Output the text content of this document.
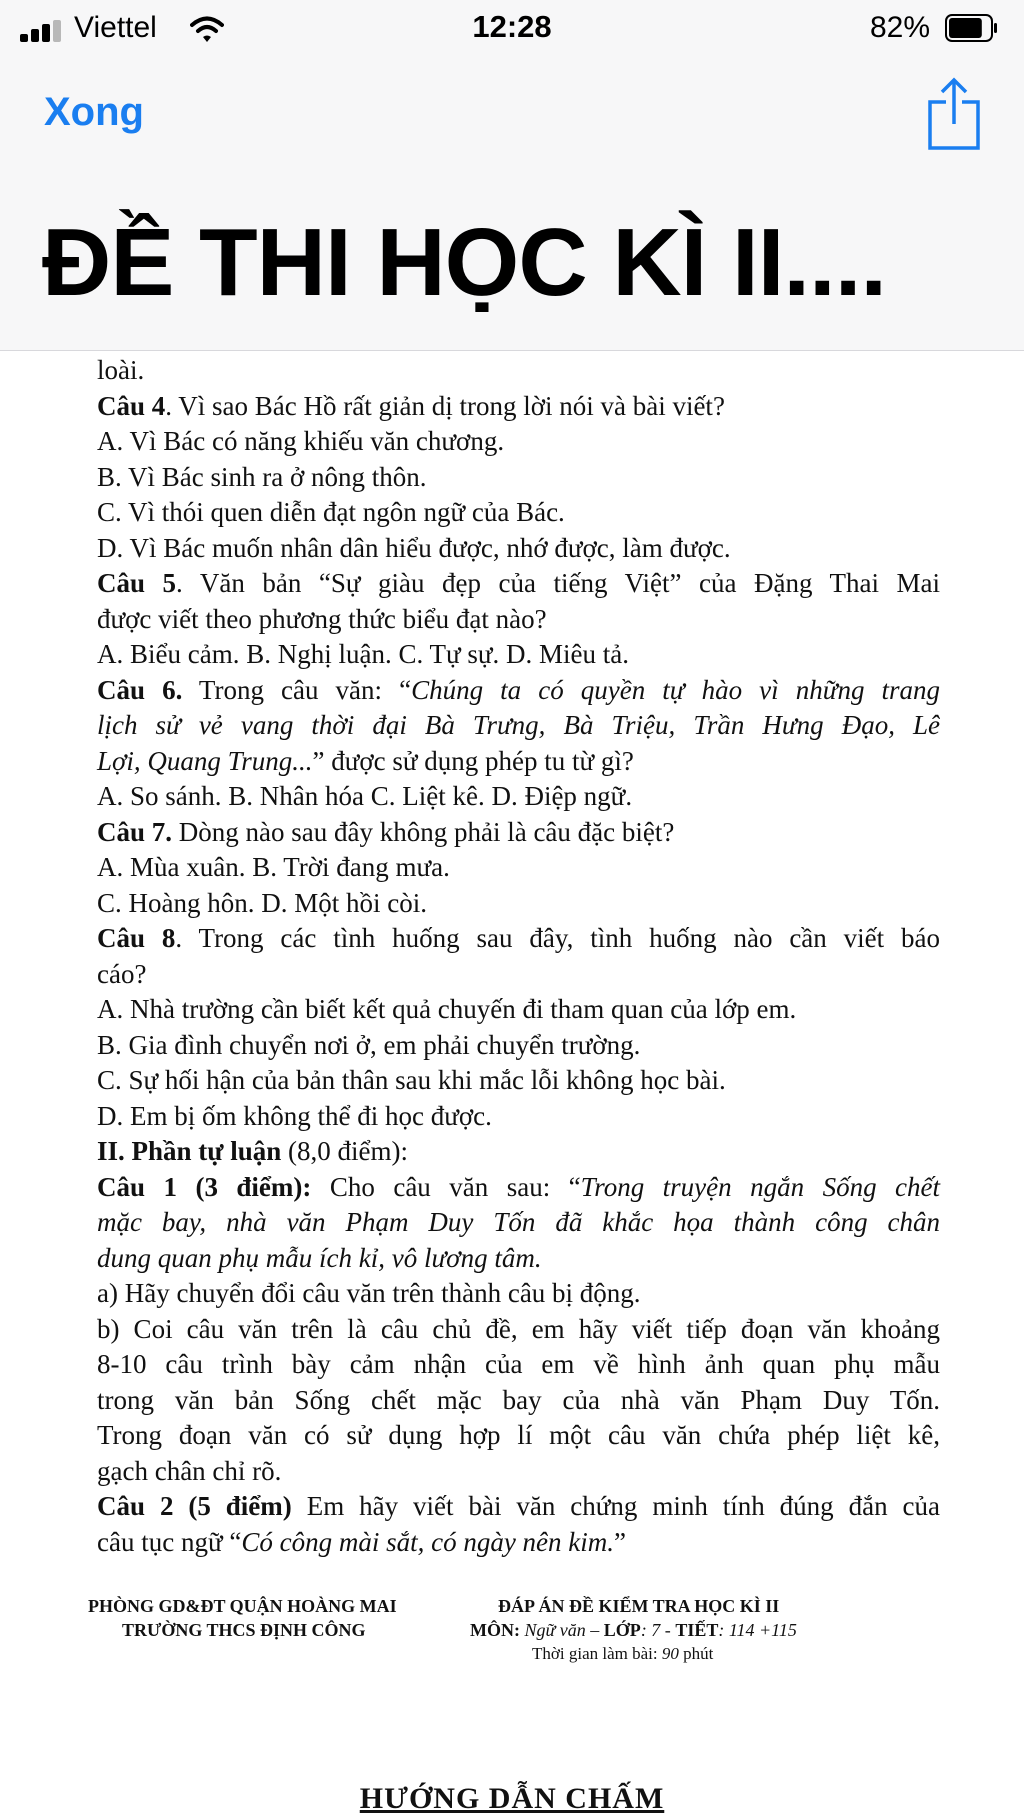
Viettel	12:28	82%
Xong
ĐỀ THI HỌC KÌ II....
loài.
Câu 4. Vì sao Bác Hồ rất giản dị trong lời nói và bài viết?
A. Vì Bác có năng khiếu văn chương.
B. Vì Bác sinh ra ở nông thôn.
C. Vì thói quen diễn đạt ngôn ngữ của Bác.
D. Vì Bác muốn nhân dân hiểu được, nhớ được, làm được.
Câu 5. Văn bản “Sự giàu đẹp của tiếng Việt” của Đặng Thai Mai
được viết theo phương thức biểu đạt nào?
A. Biểu cảm. B. Nghị luận. C. Tự sự. D. Miêu tả.
Câu 6. Trong câu văn: “Chúng ta có quyền tự hào vì những trang
lịch sử vẻ vang thời đại Bà Trưng, Bà Triệu, Trần Hưng Đạo, Lê
Lợi, Quang Trung...” được sử dụng phép tu từ gì?
A. So sánh. B. Nhân hóa C. Liệt kê. D. Điệp ngữ.
Câu 7. Dòng nào sau đây không phải là câu đặc biệt?
A. Mùa xuân. B. Trời đang mưa.
C. Hoàng hôn. D. Một hồi còi.
Câu 8. Trong các tình huống sau đây, tình huống nào cần viết báo
cáo?
A. Nhà trường cần biết kết quả chuyến đi tham quan của lớp em.
B. Gia đình chuyển nơi ở, em phải chuyển trường.
C. Sự hối hận của bản thân sau khi mắc lỗi không học bài.
D. Em bị ốm không thể đi học được.
II. Phần tự luận (8,0 điểm):
Câu 1 (3 điểm): Cho câu văn sau: “Trong truyện ngắn Sống chết
mặc bay, nhà văn Phạm Duy Tốn đã khắc họa thành công chân
dung quan phụ mẫu ích kỉ, vô lương tâm.
a) Hãy chuyển đổi câu văn trên thành câu bị động.
b) Coi câu văn trên là câu chủ đề, em hãy viết tiếp đoạn văn khoảng
8-10 câu trình bày cảm nhận của em về hình ảnh quan phụ mẫu
trong văn bản Sống chết mặc bay của nhà văn Phạm Duy Tốn.
Trong đoạn văn có sử dụng hợp lí một câu văn chứa phép liệt kê,
gạch chân chỉ rõ.
Câu 2 (5 điểm) Em hãy viết bài văn chứng minh tính đúng đắn của
câu tục ngữ “Có công mài sắt, có ngày nên kim.”
PHÒNG GD&ĐT QUẬN HOÀNG MAI
TRƯỜNG THCS ĐỊNH CÔNG
ĐÁP ÁN ĐỀ KIỂM TRA HỌC KÌ II
MÔN: Ngữ văn – LỚP: 7 - TIẾT: 114 +115
Thời gian làm bài: 90 phút
HƯỚNG DẪN CHẤM
